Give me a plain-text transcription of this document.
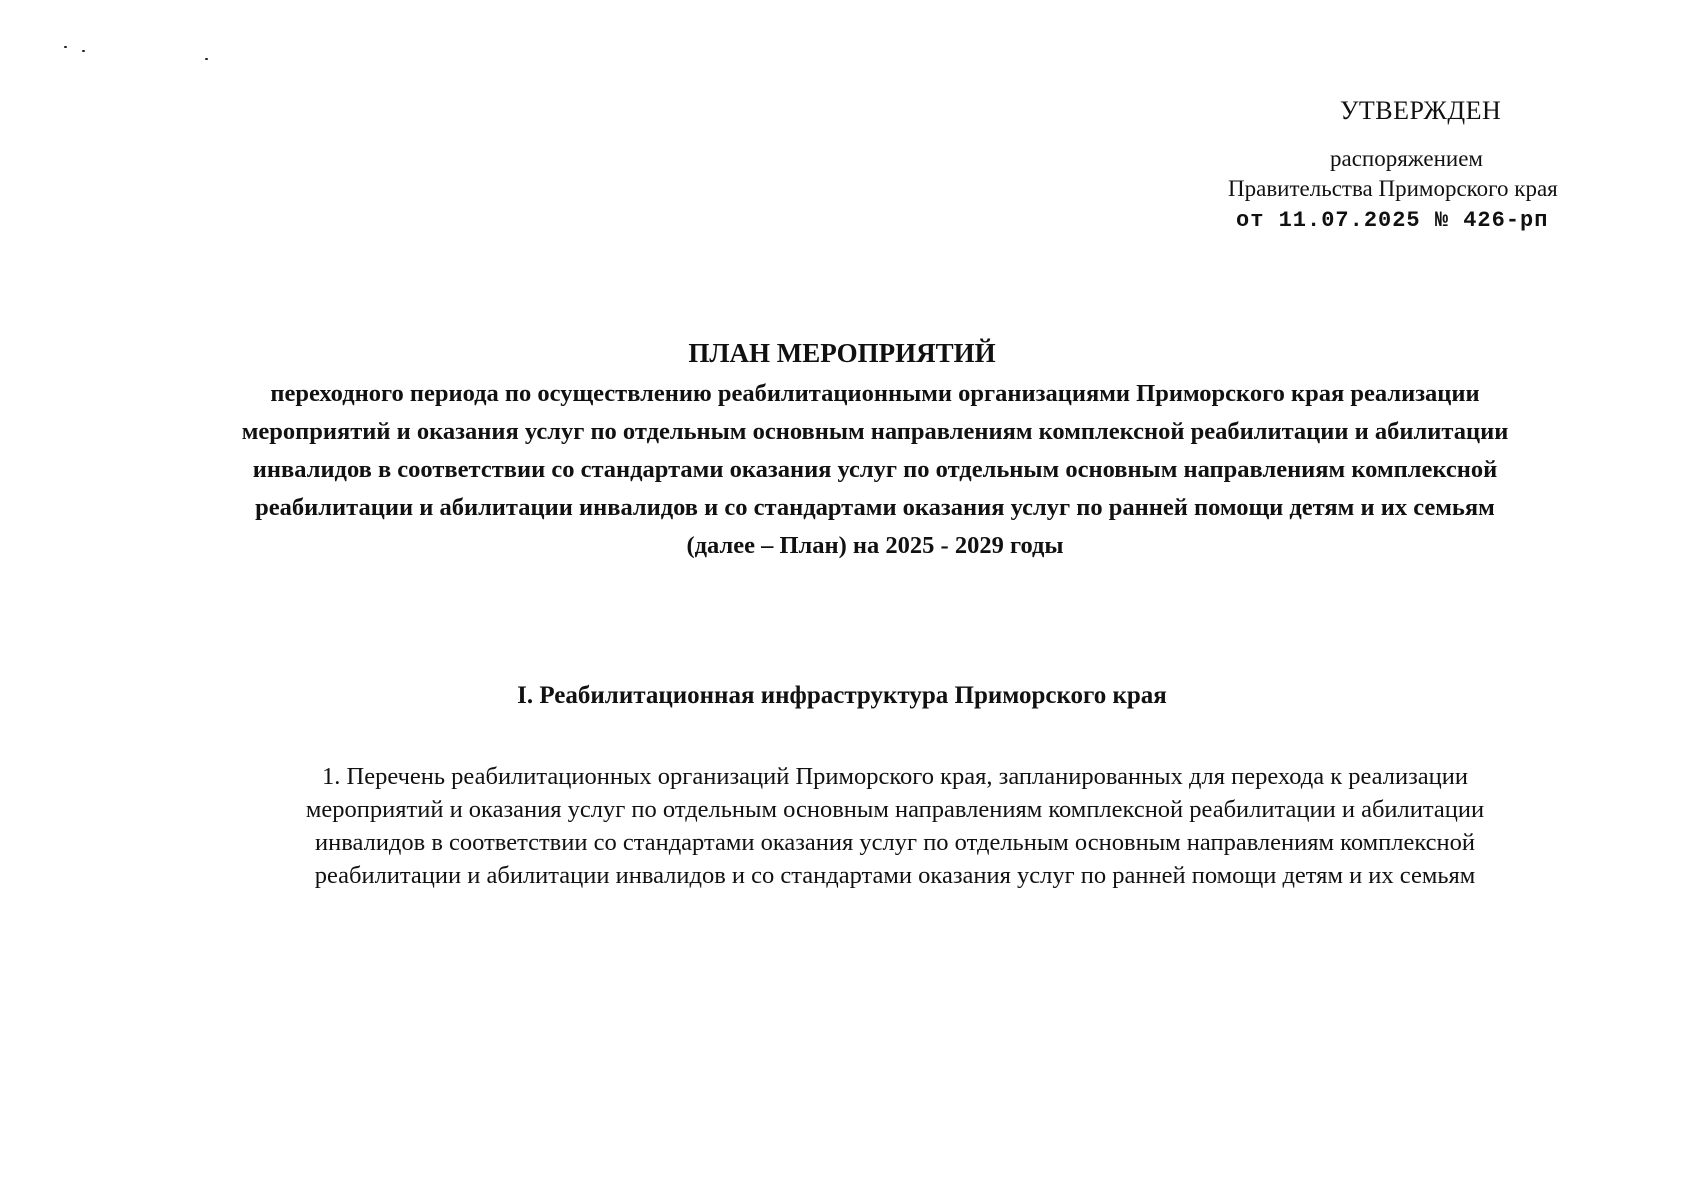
УТВЕРЖДЕН
распоряжением
Правительства Приморского края
от 11.07.2025 № 426-рп
ПЛАН МЕРОПРИЯТИЙ
переходного периода по осуществлению реабилитационными организациями Приморского края реализации
мероприятий и оказания услуг по отдельным основным направлениям комплексной реабилитации и абилитации
инвалидов в соответствии со стандартами оказания услуг по отдельным основным направлениям комплексной
реабилитации и абилитации инвалидов и со стандартами оказания услуг по ранней помощи детям и их семьям
(далее – План) на 2025 - 2029 годы
I. Реабилитационная инфраструктура Приморского края
1. Перечень реабилитационных организаций Приморского края, запланированных для перехода к реализации
мероприятий и оказания услуг по отдельным основным направлениям комплексной реабилитации и абилитации
инвалидов в соответствии со стандартами оказания услуг по отдельным основным направлениям комплексной
реабилитации и абилитации инвалидов и со стандартами оказания услуг по ранней помощи детям и их семьям
